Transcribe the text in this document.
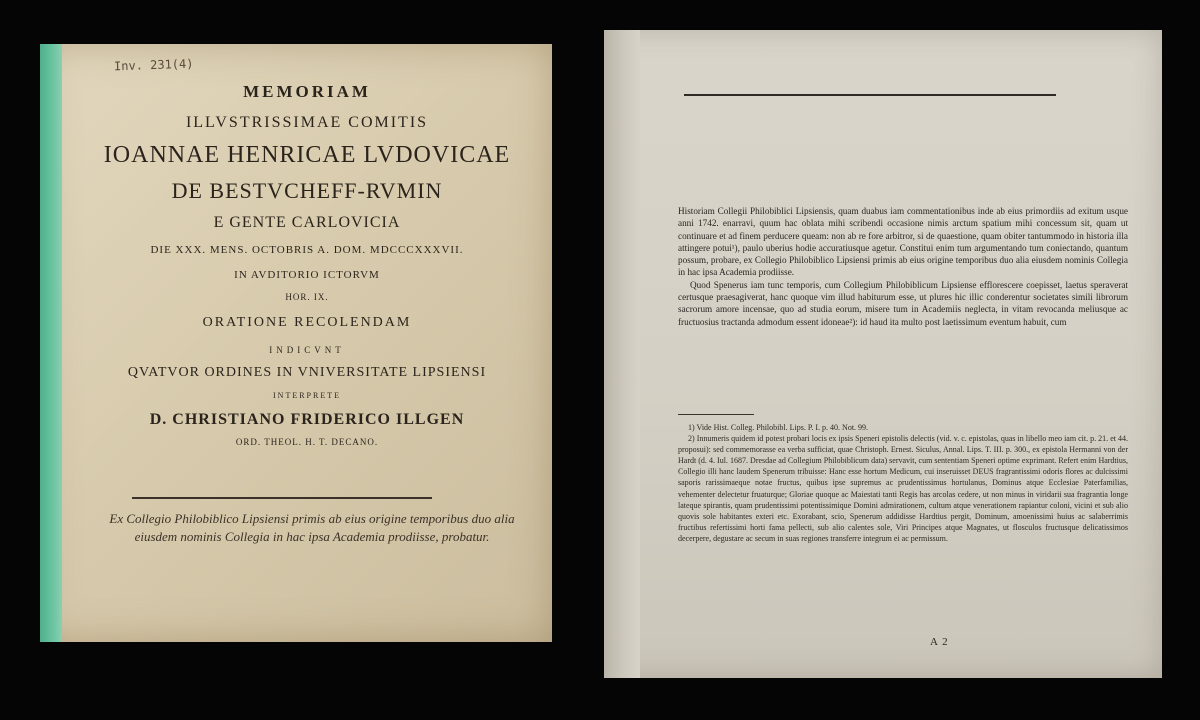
Inv. 231(4)
MEMORIAM
ILLVSTRISSIMAE COMITIS
IOANNAE HENRICAE LVDOVICAE
DE BESTVCHEFF-RVMIN
E GENTE CARLOVICIA
DIE XXX. MENS. OCTOBRIS A. DOM. MDCCCXXXVII.
IN AVDITORIO ICTORVM
HOR. IX.
ORATIONE RECOLENDAM
INDICVNT
QVATVOR ORDINES IN VNIVERSITATE LIPSIENSI
INTERPRETE
D. CHRISTIANO FRIDERICO ILLGEN
ORD. THEOL. H. T. DECANO.
Ex Collegio Philobiblico Lipsiensi primis ab eius origine temporibus duo alia eiusdem nominis Collegia in hac ipsa Academia prodiisse, probatur.

Historiam Collegii Philobiblici Lipsiensis, quam duabus iam commentationibus inde ab eius primordiis ad exitum usque anni 1742. enarravi, quum hac oblata mihi scribendi occasione nimis arctum spatium mihi concessum sit, quam ut continuare et ad finem perducere queam: non ab re fore arbitror, si de quaestione, quam obiter tantummodo in historia illa attingere potui¹), paulo uberius hodie accuratiusque agetur. Constitui enim tum argumentando tum coniectando, quantum possum, probare, ex Collegio Philobiblico Lipsiensi primis ab eius origine temporibus duo alia eiusdem nominis Collegia in hac ipsa Academia prodiisse.

Quod Spenerus iam tunc temporis, cum Collegium Philobiblicum Lipsiense efflorescere coepisset, laetus speraverat certusque praesagiverat, hanc quoque vim illud habiturum esse, ut plures hic illic conderentur societates simili librorum sacrorum amore incensae, quo ad studia eorum, misere tum in Academiis neglecta, in vitam revocanda meliusque ac fructuosius tractanda admodum essent idoneae²): id haud ita multo post laetissimum eventum habuit, cum

1) Vide Hist. Colleg. Philobibl. Lips. P. I. p. 40. Not. 99.

2) Innumeris quidem id potest probari locis ex ipsis Speneri epistolis delectis (vid. v. c. epistolas, quas in libello meo iam cit. p. 21. et 44. proposui): sed commemorasse ea verba sufficiat, quae Christoph. Ernest. Siculus, Annal. Lips. T. III. p. 300., ex epistola Hermanni von der Hardt (d. 4. Iul. 1687. Dresdae ad Collegium Philobiblicum data) servavit, cum sententiam Speneri optime exprimant. Refert enim Hardtius, Collegio illi hanc laudem Spenerum tribuisse: Hanc esse hortum Medicum, cui inseruisset DEUS fragrantissimi odoris flores ac dulcissimi saporis rarissimaeque notae fructus, quibus ipse supremus ac prudentissimus hortulanus, Dominus atque Ecclesiae Paterfamilias, vehementer delectetur fruaturque; Gloriae quoque ac Maiestati tanti Regis has arcolas cedere, ut non minus in viridarii sua fragrantia longe lateque spirantis, quam prudentissimi potentissimique Domini admirationem, cultum atque venerationem rapiantur coloni, vicini et sub alio quovis sole habitantes exteri etc. Exorabant, scio, Spenerum addidisse Hardtius pergit, Dominum, amoenissimi huius ac salaberrimis fructibus refertissimi horti fama pellecti, sub alio calentes sole, Viri Principes atque Magnates, ut flosculos fructusque delicatissimos decerpere, degustare ac secum in suas regiones transferre integrum ei ac permissum.

A 2
